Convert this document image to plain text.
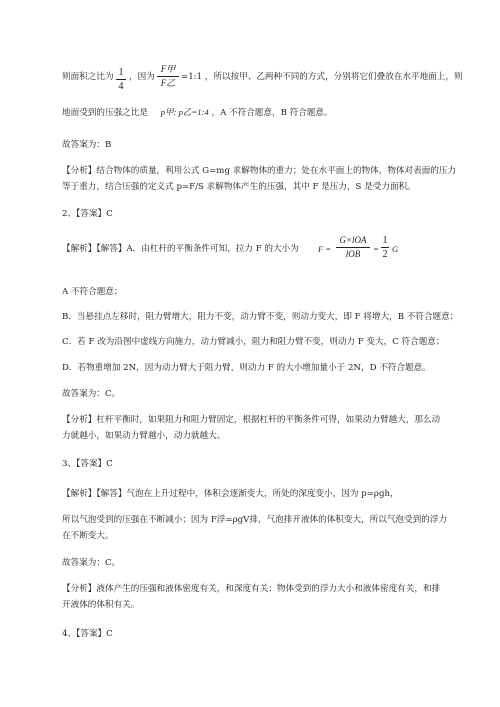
则面积之比为 1
4
，因为
F甲
F乙
=1:1 ，所以按甲、乙两种不同的方式，分别将它们叠放在水平地面上，则
地面受到的压强之比是 p甲: p乙=1:4 ，A 不符合题意，B 符合题意。
故答案为：B
【分析】结合物体的质量，利用公式 G=mg 求解物体的重力；处在水平面上的物体，物体对表面的压力
等于重力，结合压强的定义式 p=F/S 求解物体产生的压强，其中 F 是压力，S 是受力面积。
2、【答案】C
【解析】【解答】A．由杠杆的平衡条件可知，拉力 F 的大小为 F =
G×lOA
lOB =
1
2 G
A 不符合题意；
B．当悬挂点左移时，阻力臂增大，阻力不变，动力臂不变，则动力变大，即 F 将增大，B 不符合题意；
C．若 F 改为沿图中虚线方向施力，动力臂减小，阻力和阻力臂不变，则动力 F 变大，C 符合题意；
D．若物重增加 2N，因为动力臂大于阻力臂，则动力 F 的大小增加量小于 2N，D 不符合题意。
故答案为：C。
【分析】杠杆平衡时，如果阻力和阻力臂固定，根据杠杆的平衡条件可得，如果动力臂越大，那么动
力就越小，如果动力臂越小，动力就越大。
3、【答案】C
【解析】【解答】气泡在上升过程中，体积会逐渐变大，所处的深度变小，因为 p=ρgh，
所以气泡受到的压强在不断减小；因为 F浮=ρgV排，气泡排开液体的体积变大，所以气泡受到的浮力
在不断变大。
故答案为：C。
【分析】液体产生的压强和液体密度有关，和深度有关；物体受到的浮力大小和液体密度有关，和排
开液体的体积有关。
4、【答案】C
